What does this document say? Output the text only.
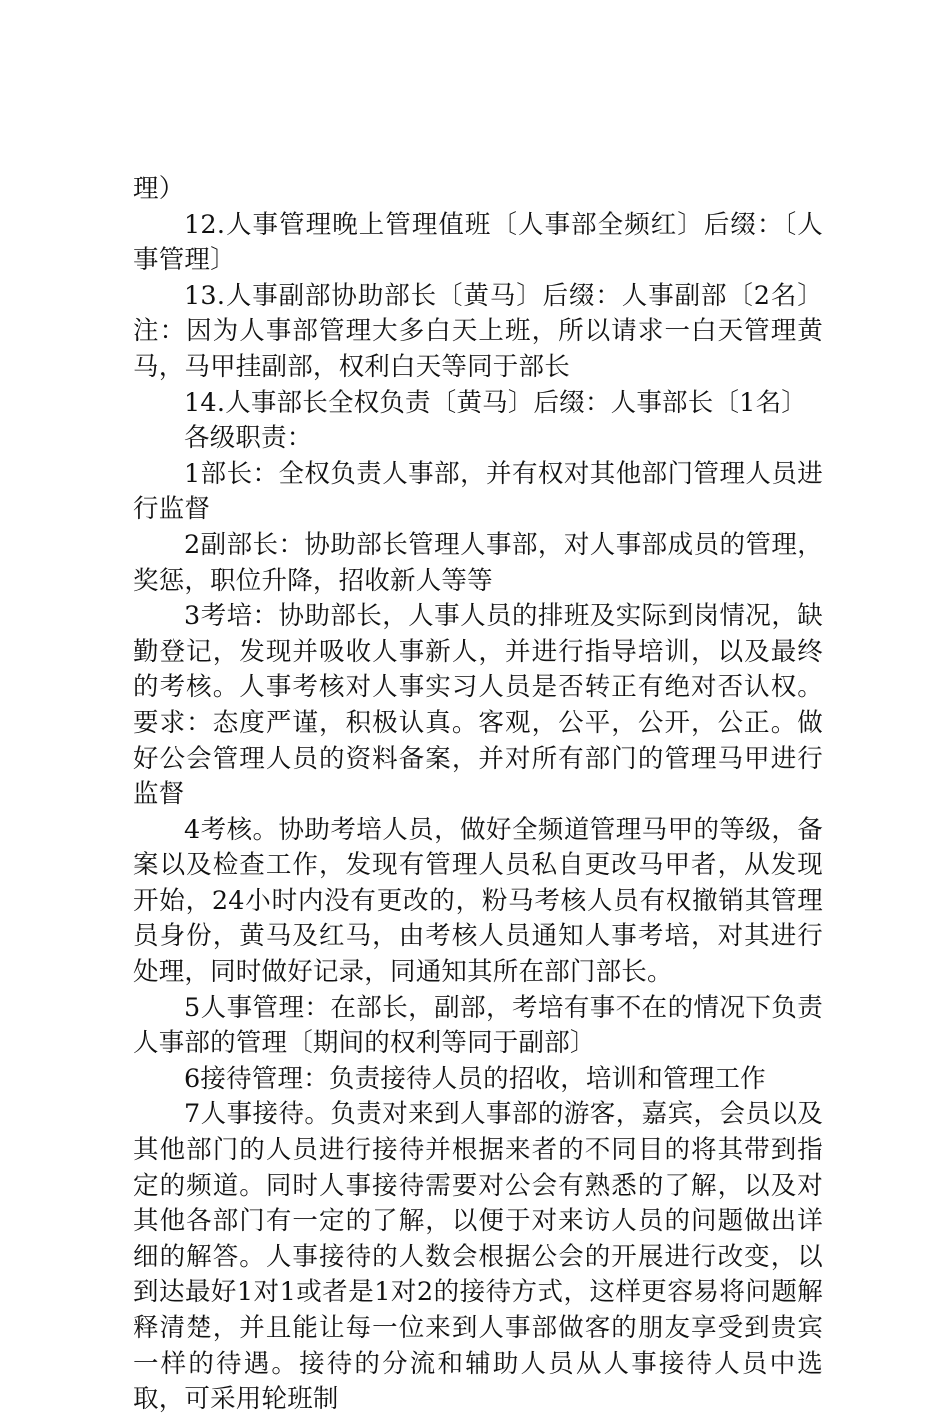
理）

12.人事管理晚上管理值班〔人事部全频红〕后缀：〔人事管理〕

13.人事副部协助部长〔黄马〕后缀：人事副部〔2名〕注：因为人事部管理大多白天上班，所以请求一白天管理黄马，马甲挂副部，权利白天等同于部长

14.人事部长全权负责〔黄马〕后缀：人事部长〔1名〕

各级职责：

1部长：全权负责人事部，并有权对其他部门管理人员进行监督

2副部长：协助部长管理人事部，对人事部成员的管理，奖惩，职位升降，招收新人等等

3考培：协助部长，人事人员的排班及实际到岗情况，缺勤登记，发现并吸收人事新人，并进行指导培训，以及最终的考核。人事考核对人事实习人员是否转正有绝对否认权。要求：态度严谨，积极认真。客观，公平，公开，公正。做好公会管理人员的资料备案，并对所有部门的管理马甲进行监督

4考核。协助考培人员，做好全频道管理马甲的等级，备案以及检查工作，发现有管理人员私自更改马甲者，从发现开始，24小时内没有更改的，粉马考核人员有权撤销其管理员身份，黄马及红马，由考核人员通知人事考培，对其进行处理，同时做好记录，同通知其所在部门部长。

5人事管理：在部长，副部，考培有事不在的情况下负责人事部的管理〔期间的权利等同于副部〕

6接待管理：负责接待人员的招收，培训和管理工作

7人事接待。负责对来到人事部的游客，嘉宾，会员以及其他部门的人员进行接待并根据来者的不同目的将其带到指定的频道。同时人事接待需要对公会有熟悉的了解，以及对其他各部门有一定的了解，以便于对来访人员的问题做出详细的解答。人事接待的人数会根据公会的开展进行改变，以到达最好1对1或者是1对2的接待方式，这样更容易将问题解释清楚，并且能让每一位来到人事部做客的朋友享受到贵宾一样的待遇。接待的分流和辅助人员从人事接待人员中选取，可采用轮班制
